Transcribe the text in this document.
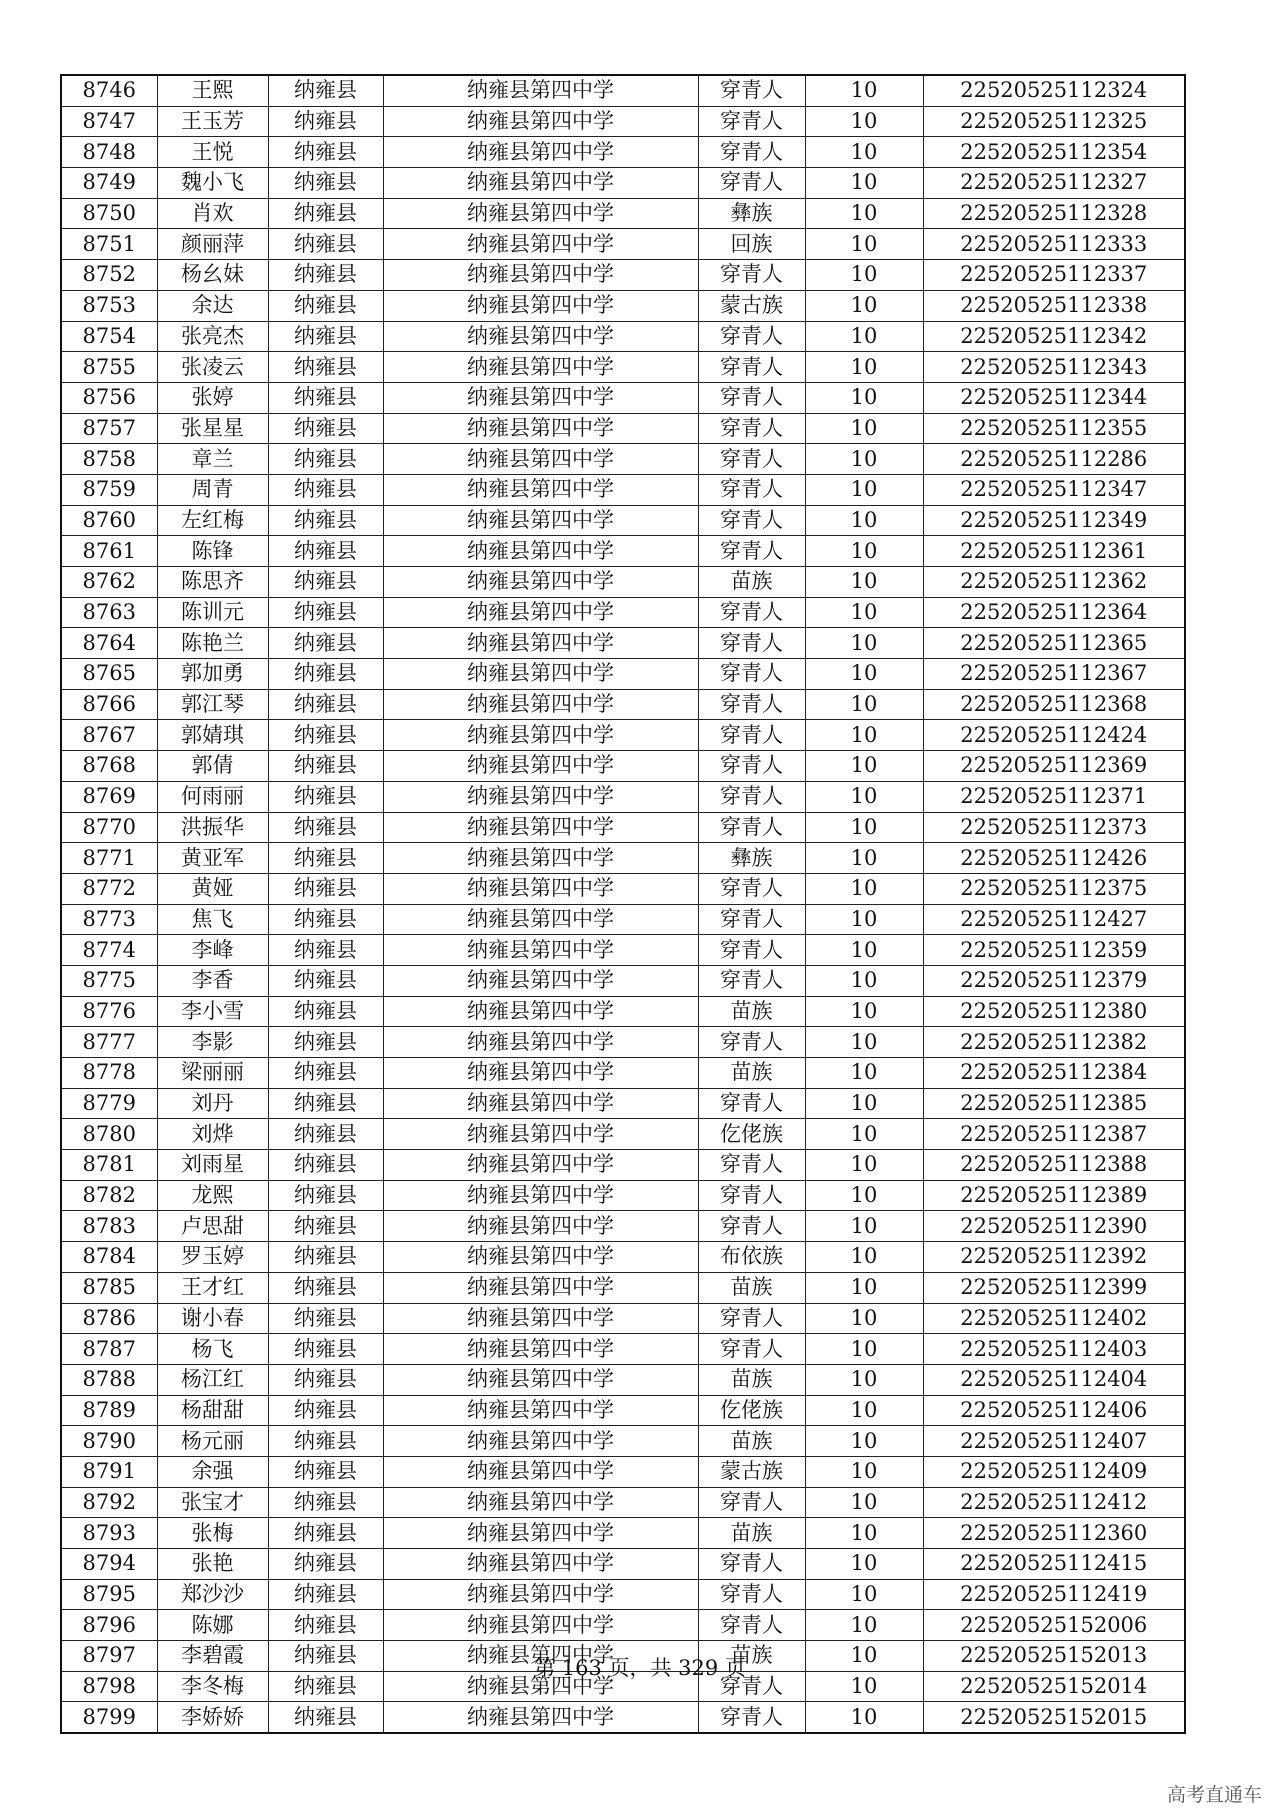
8746	王熙	纳雍县	纳雍县第四中学	穿青人	10	22520525112324
8747	王玉芳	纳雍县	纳雍县第四中学	穿青人	10	22520525112325
8748	王悦	纳雍县	纳雍县第四中学	穿青人	10	22520525112354
8749	魏小飞	纳雍县	纳雍县第四中学	穿青人	10	22520525112327
8750	肖欢	纳雍县	纳雍县第四中学	彝族	10	22520525112328
8751	颜丽萍	纳雍县	纳雍县第四中学	回族	10	22520525112333
8752	杨幺妹	纳雍县	纳雍县第四中学	穿青人	10	22520525112337
8753	余达	纳雍县	纳雍县第四中学	蒙古族	10	22520525112338
8754	张亮杰	纳雍县	纳雍县第四中学	穿青人	10	22520525112342
8755	张凌云	纳雍县	纳雍县第四中学	穿青人	10	22520525112343
8756	张婷	纳雍县	纳雍县第四中学	穿青人	10	22520525112344
8757	张星星	纳雍县	纳雍县第四中学	穿青人	10	22520525112355
8758	章兰	纳雍县	纳雍县第四中学	穿青人	10	22520525112286
8759	周青	纳雍县	纳雍县第四中学	穿青人	10	22520525112347
8760	左红梅	纳雍县	纳雍县第四中学	穿青人	10	22520525112349
8761	陈锋	纳雍县	纳雍县第四中学	穿青人	10	22520525112361
8762	陈思齐	纳雍县	纳雍县第四中学	苗族	10	22520525112362
8763	陈训元	纳雍县	纳雍县第四中学	穿青人	10	22520525112364
8764	陈艳兰	纳雍县	纳雍县第四中学	穿青人	10	22520525112365
8765	郭加勇	纳雍县	纳雍县第四中学	穿青人	10	22520525112367
8766	郭江琴	纳雍县	纳雍县第四中学	穿青人	10	22520525112368
8767	郭婧琪	纳雍县	纳雍县第四中学	穿青人	10	22520525112424
8768	郭倩	纳雍县	纳雍县第四中学	穿青人	10	22520525112369
8769	何雨丽	纳雍县	纳雍县第四中学	穿青人	10	22520525112371
8770	洪振华	纳雍县	纳雍县第四中学	穿青人	10	22520525112373
8771	黄亚军	纳雍县	纳雍县第四中学	彝族	10	22520525112426
8772	黄娅	纳雍县	纳雍县第四中学	穿青人	10	22520525112375
8773	焦飞	纳雍县	纳雍县第四中学	穿青人	10	22520525112427
8774	李峰	纳雍县	纳雍县第四中学	穿青人	10	22520525112359
8775	李香	纳雍县	纳雍县第四中学	穿青人	10	22520525112379
8776	李小雪	纳雍县	纳雍县第四中学	苗族	10	22520525112380
8777	李影	纳雍县	纳雍县第四中学	穿青人	10	22520525112382
8778	梁丽丽	纳雍县	纳雍县第四中学	苗族	10	22520525112384
8779	刘丹	纳雍县	纳雍县第四中学	穿青人	10	22520525112385
8780	刘烨	纳雍县	纳雍县第四中学	仡佬族	10	22520525112387
8781	刘雨星	纳雍县	纳雍县第四中学	穿青人	10	22520525112388
8782	龙熙	纳雍县	纳雍县第四中学	穿青人	10	22520525112389
8783	卢思甜	纳雍县	纳雍县第四中学	穿青人	10	22520525112390
8784	罗玉婷	纳雍县	纳雍县第四中学	布依族	10	22520525112392
8785	王才红	纳雍县	纳雍县第四中学	苗族	10	22520525112399
8786	谢小春	纳雍县	纳雍县第四中学	穿青人	10	22520525112402
8787	杨飞	纳雍县	纳雍县第四中学	穿青人	10	22520525112403
8788	杨江红	纳雍县	纳雍县第四中学	苗族	10	22520525112404
8789	杨甜甜	纳雍县	纳雍县第四中学	仡佬族	10	22520525112406
8790	杨元丽	纳雍县	纳雍县第四中学	苗族	10	22520525112407
8791	余强	纳雍县	纳雍县第四中学	蒙古族	10	22520525112409
8792	张宝才	纳雍县	纳雍县第四中学	穿青人	10	22520525112412
8793	张梅	纳雍县	纳雍县第四中学	苗族	10	22520525112360
8794	张艳	纳雍县	纳雍县第四中学	穿青人	10	22520525112415
8795	郑沙沙	纳雍县	纳雍县第四中学	穿青人	10	22520525112419
8796	陈娜	纳雍县	纳雍县第四中学	穿青人	10	22520525152006
8797	李碧霞	纳雍县	纳雍县第四中学	苗族	10	22520525152013
8798	李冬梅	纳雍县	纳雍县第四中学	穿青人	10	22520525152014
8799	李娇娇	纳雍县	纳雍县第四中学	穿青人	10	22520525152015
第 163 页，共 329 页
高考直通车
